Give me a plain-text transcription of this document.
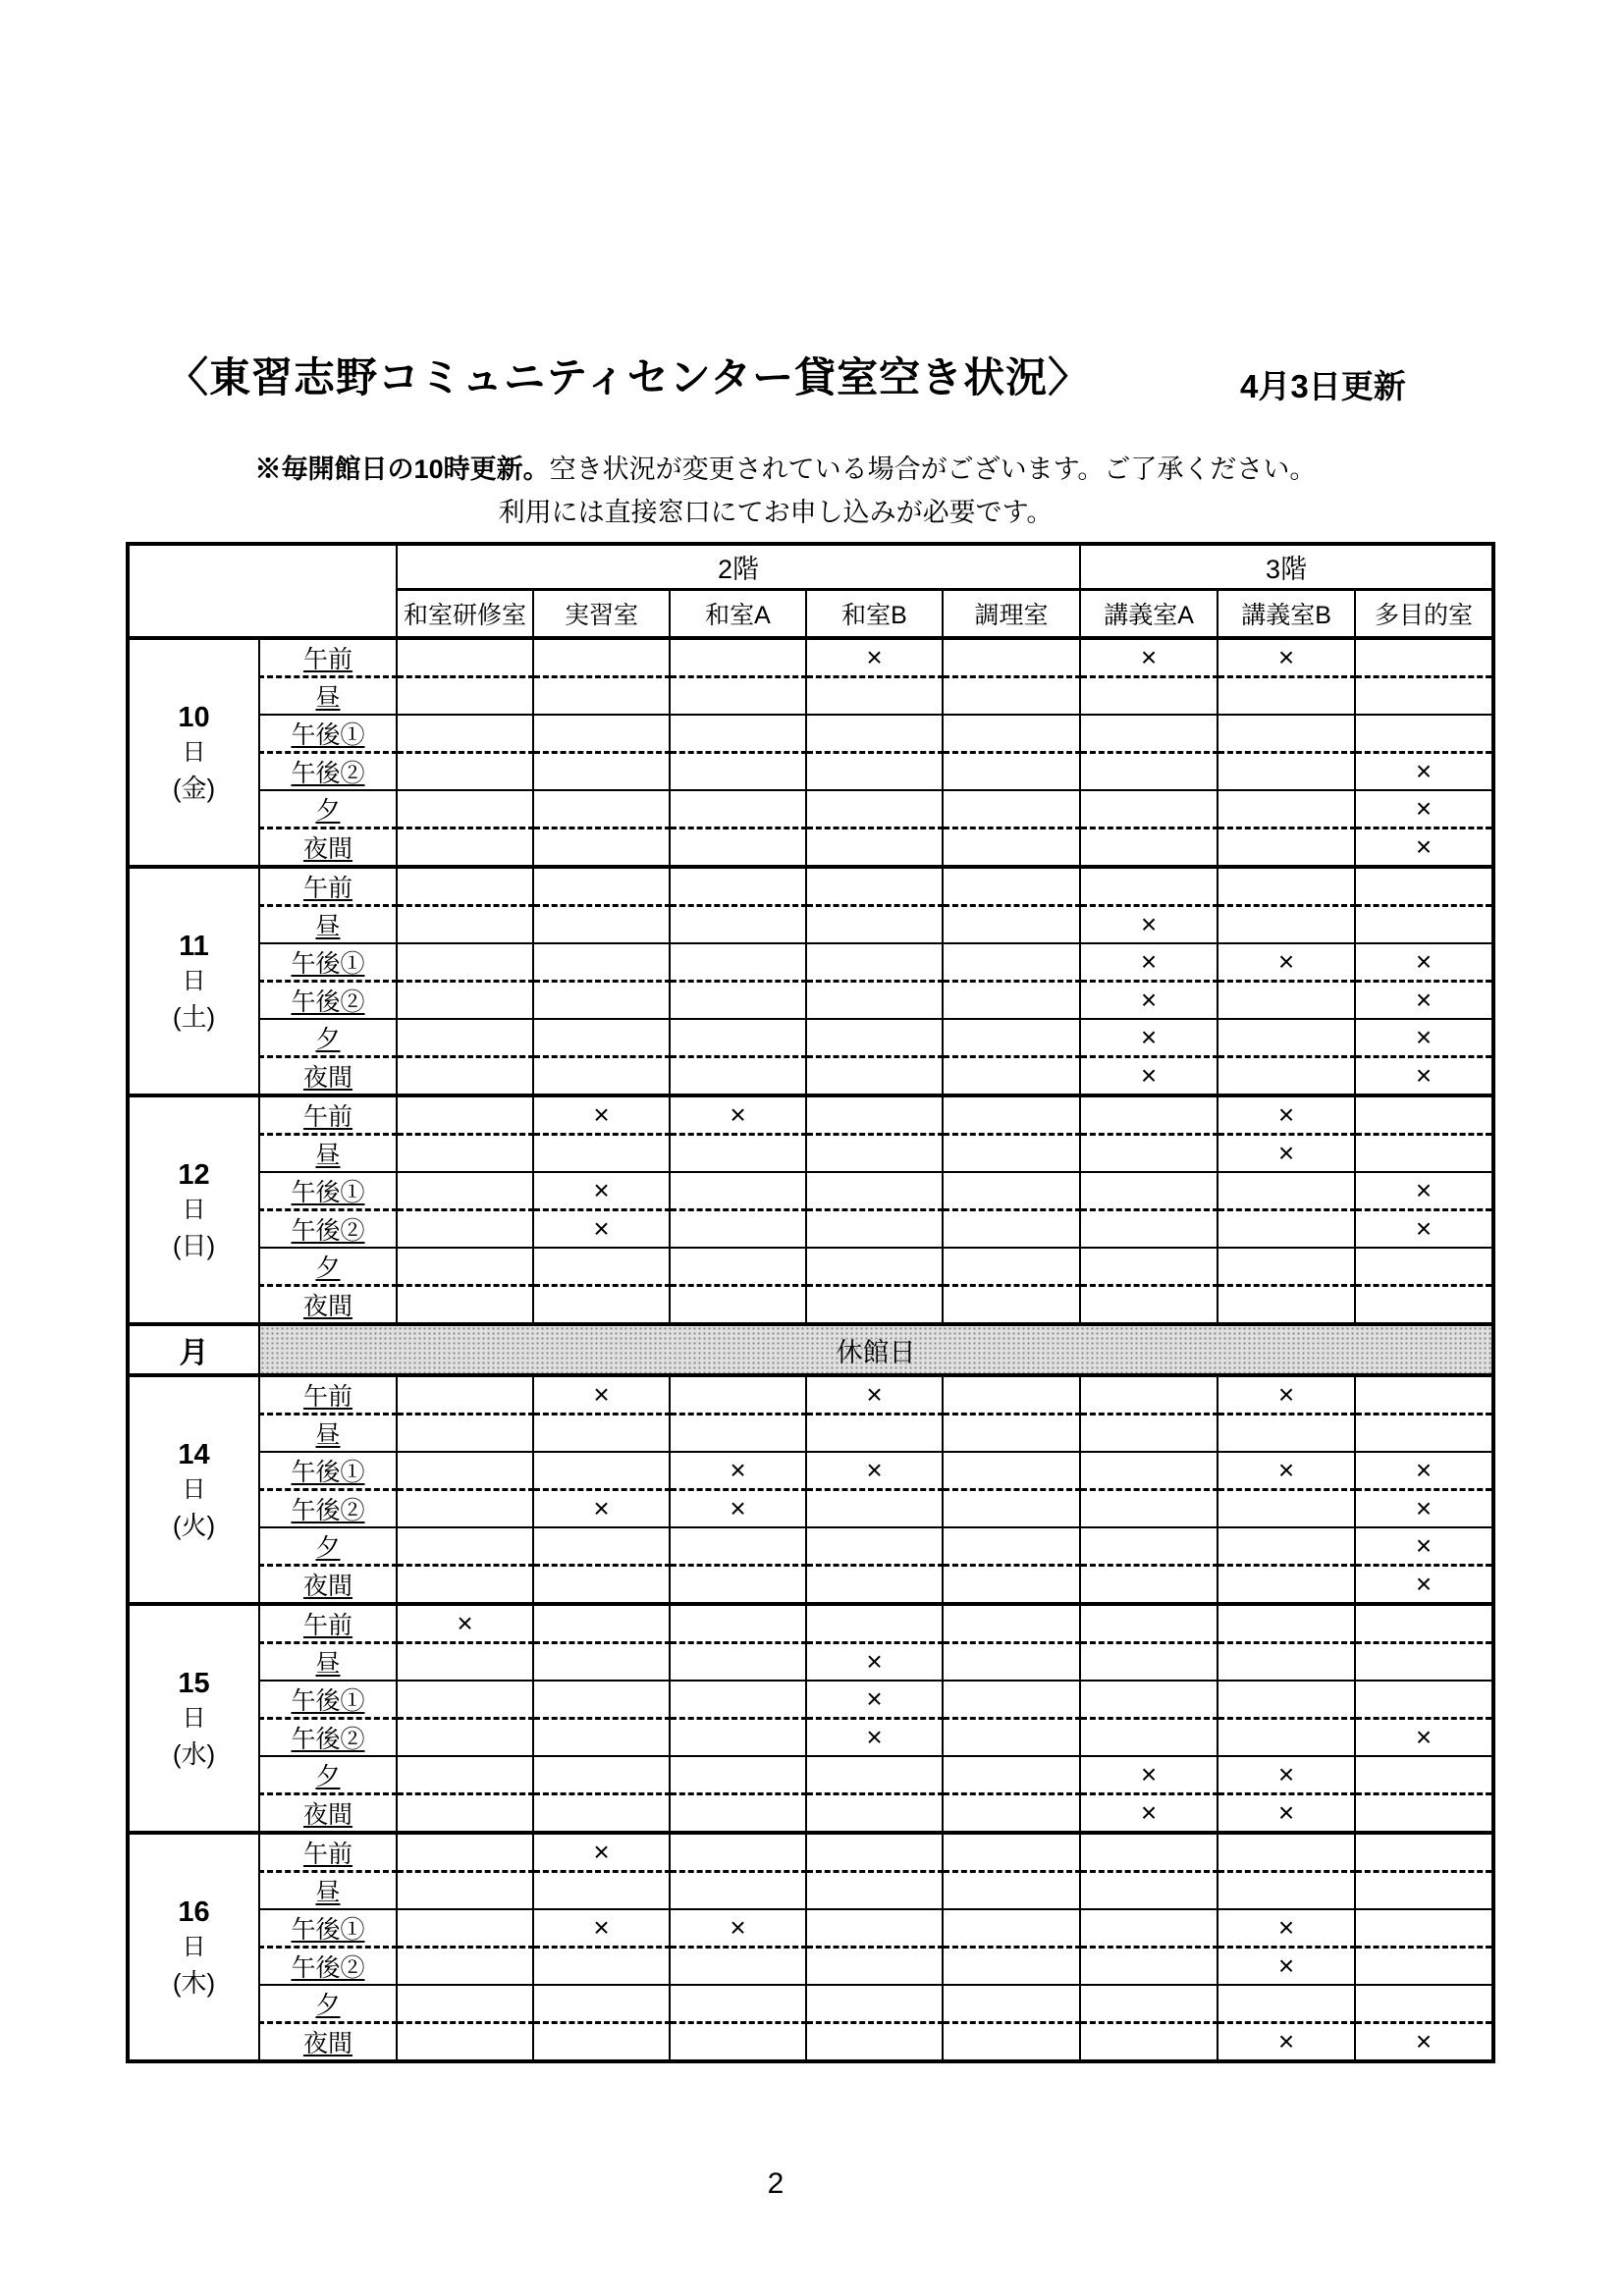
〈東習志野コミュニティセンター貸室空き状況〉	4月3日更新
※毎開館日の10時更新。空き状況が変更されている場合がございます。ご了承ください。
利用には直接窓口にてお申し込みが必要です。
		2階					3階		
		和室研修室	実習室	和室A	和室B	調理室	講義室A	講義室B	多目的室

10
日
(金)	午前				×		×	×	
	昼								
	午後①								
	午後②								×
	夕								×
	夜間								×

11
日
(土)	午前								
	昼						×		
	午後①						×	×	×
	午後②						×		×
	夕						×		×
	夜間						×		×

12
日
(日)	午前		×	×				×	
	昼							×	
	午後①		×						×
	午後②		×						×
	夕								
	夜間								
月	休館日								

14
日
(火)	午前		×		×			×	
	昼								
	午後①			×	×			×	×
	午後②		×	×					×
	夕								×
	夜間								×

15
日
(水)	午前	×							
	昼				×				
	午後①				×				
	午後②				×				×
	夕						×	×	
	夜間						×	×	

16
日
(木)	午前		×						
	昼								
	午後①		×	×				×	
	午後②							×	
	夕								
	夜間							×	×
2
